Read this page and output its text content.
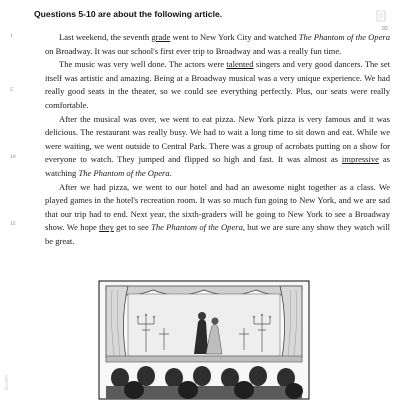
Questions 5-10 are about the following article.
92
1
5
10
15

Last weekend, the seventh grade went to New York City and watched The Phantom of the Opera on Broadway. It was our school's first ever trip to Broadway and was a really fun time.

The music was very well done. The actors were talented singers and very good dancers. The set itself was artistic and amazing. Being at a Broadway musical was a very unique experience. We had really good seats in the theater, so we could see everything perfectly. Plus, our seats were really comfortable.

After the musical was over, we went to eat pizza. New York pizza is very famous and it was delicious. The restaurant was really busy. We had to wait a long time to sit down and eat. While we were waiting, we went outside to Central Park. There was a group of acrobats putting on a show for everyone to watch. They jumped and flipped so high and fast. It was almost as impressive as watching The Phantom of the Opera.

After we had pizza, we went to our hotel and had an awesome night together as a class. We played games in the hotel's recreation room. It was so much fun going to New York, and we are sad that our trip had to end. Next year, the sixth-graders will be going to New York to see a Broadway show. We hope they get to see The Phantom of the Opera, but we are sure any show they watch will be great.

st.com
